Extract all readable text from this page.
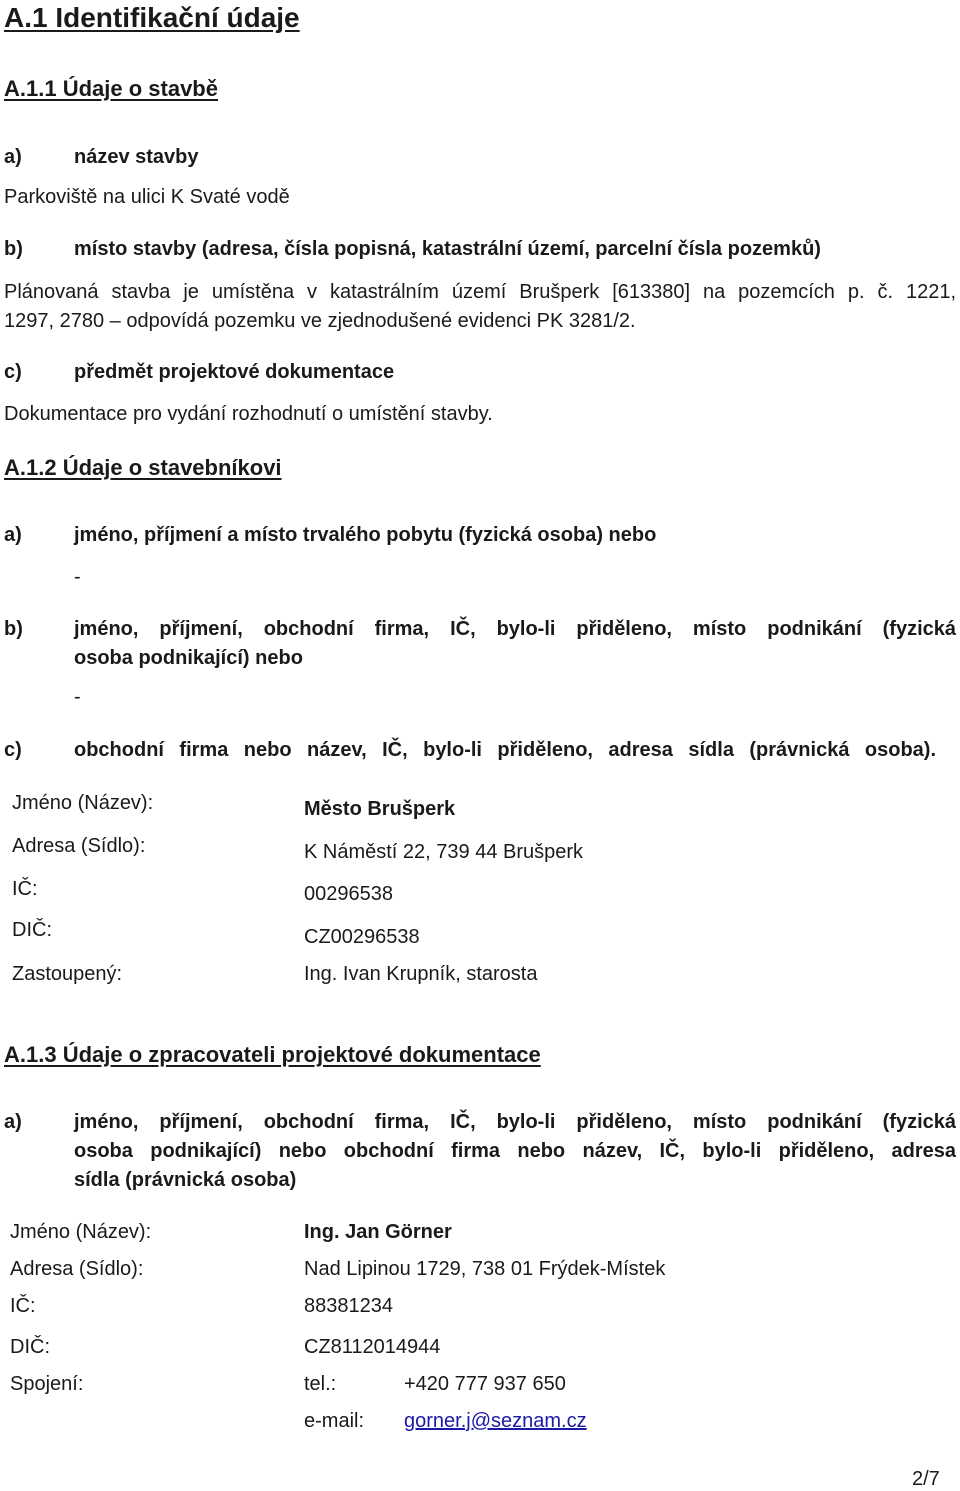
A.1 Identifikační údaje
A.1.1 Údaje o stavbě
a)	název stavby
Parkoviště na ulici K Svaté vodě
b)	místo stavby (adresa, čísla popisná, katastrální území, parcelní čísla pozemků)
Plánovaná stavba je umístěna v katastrálním území Brušperk [613380] na pozemcích p. č. 1221,
1297, 2780 – odpovídá pozemku ve zjednodušené evidenci PK 3281/2.
c)	předmět projektové dokumentace
Dokumentace pro vydání rozhodnutí o umístění stavby.
A.1.2 Údaje o stavebníkovi
a)	jméno, příjmení a místo trvalého pobytu (fyzická osoba) nebo
-
b)	jméno, příjmení, obchodní firma, IČ, bylo-li přiděleno, místo podnikání (fyzická
osoba podnikající) nebo
-
c)	obchodní firma nebo název, IČ, bylo-li přiděleno, adresa sídla (právnická osoba).
Jméno (Název):	Město Brušperk
Adresa (Sídlo):	K Náměstí 22, 739 44 Brušperk
IČ:	00296538
DIČ:	CZ00296538
Zastoupený:	Ing. Ivan Krupník, starosta
A.1.3 Údaje o zpracovateli projektové dokumentace
a)	jméno, příjmení, obchodní firma, IČ, bylo-li přiděleno, místo podnikání (fyzická
osoba podnikající) nebo obchodní firma nebo název, IČ, bylo-li přiděleno, adresa
sídla (právnická osoba)
Jméno (Název):	Ing. Jan Görner
Adresa (Sídlo):	Nad Lipinou 1729, 738 01 Frýdek-Místek
IČ:	88381234
DIČ:	CZ8112014944
Spojení:	tel.:	+420 777 937 650
e-mail: gorner.j@seznam.cz
2/7
